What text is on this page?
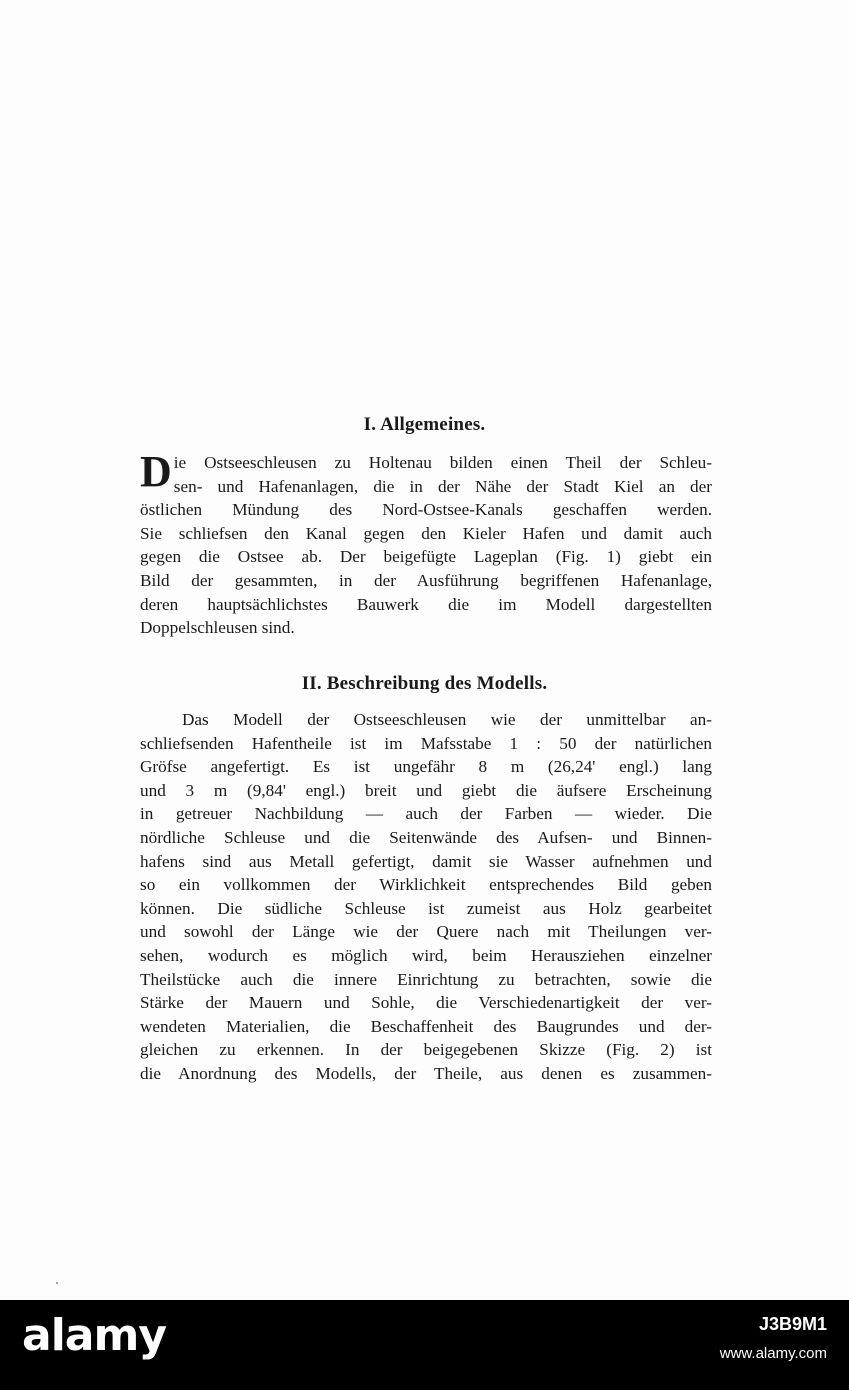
I. Allgemeines.
D ie Ostseeschleusen zu Holtenau bilden einen Theil der Schleu-
sen- und Hafenanlagen, die in der Nähe der Stadt Kiel an der
östlichen Mündung des Nord-Ostsee-Kanals geschaffen werden.
Sie schliefsen den Kanal gegen den Kieler Hafen und damit auch
gegen die Ostsee ab. Der beigefügte Lageplan (Fig. 1) giebt ein
Bild der gesammten, in der Ausführung begriffenen Hafenanlage,
deren hauptsächlichstes Bauwerk die im Modell dargestellten
Doppelschleusen sind.
II. Beschreibung des Modells.
Das Modell der Ostseeschleusen wie der unmittelbar an-
schliefsenden Hafentheile ist im Mafsstabe 1 : 50 der natürlichen
Gröfse angefertigt. Es ist ungefähr 8 m (26,24' engl.) lang
und 3 m (9,84' engl.) breit und giebt die äufsere Erscheinung
in getreuer Nachbildung — auch der Farben — wieder. Die
nördliche Schleuse und die Seitenwände des Aufsen- und Binnen-
hafens sind aus Metall gefertigt, damit sie Wasser aufnehmen und
so ein vollkommen der Wirklichkeit entsprechendes Bild geben
können. Die südliche Schleuse ist zumeist aus Holz gearbeitet
und sowohl der Länge wie der Quere nach mit Theilungen ver-
sehen, wodurch es möglich wird, beim Herausziehen einzelner
Theilstücke auch die innere Einrichtung zu betrachten, sowie die
Stärke der Mauern und Sohle, die Verschiedenartigkeit der ver-
wendeten Materialien, die Beschaffenheit des Baugrundes und der-
gleichen zu erkennen. In der beigegebenen Skizze (Fig. 2) ist
die Anordnung des Modells, der Theile, aus denen es zusammen-
alamy	J3B9M1
www.alamy.com
